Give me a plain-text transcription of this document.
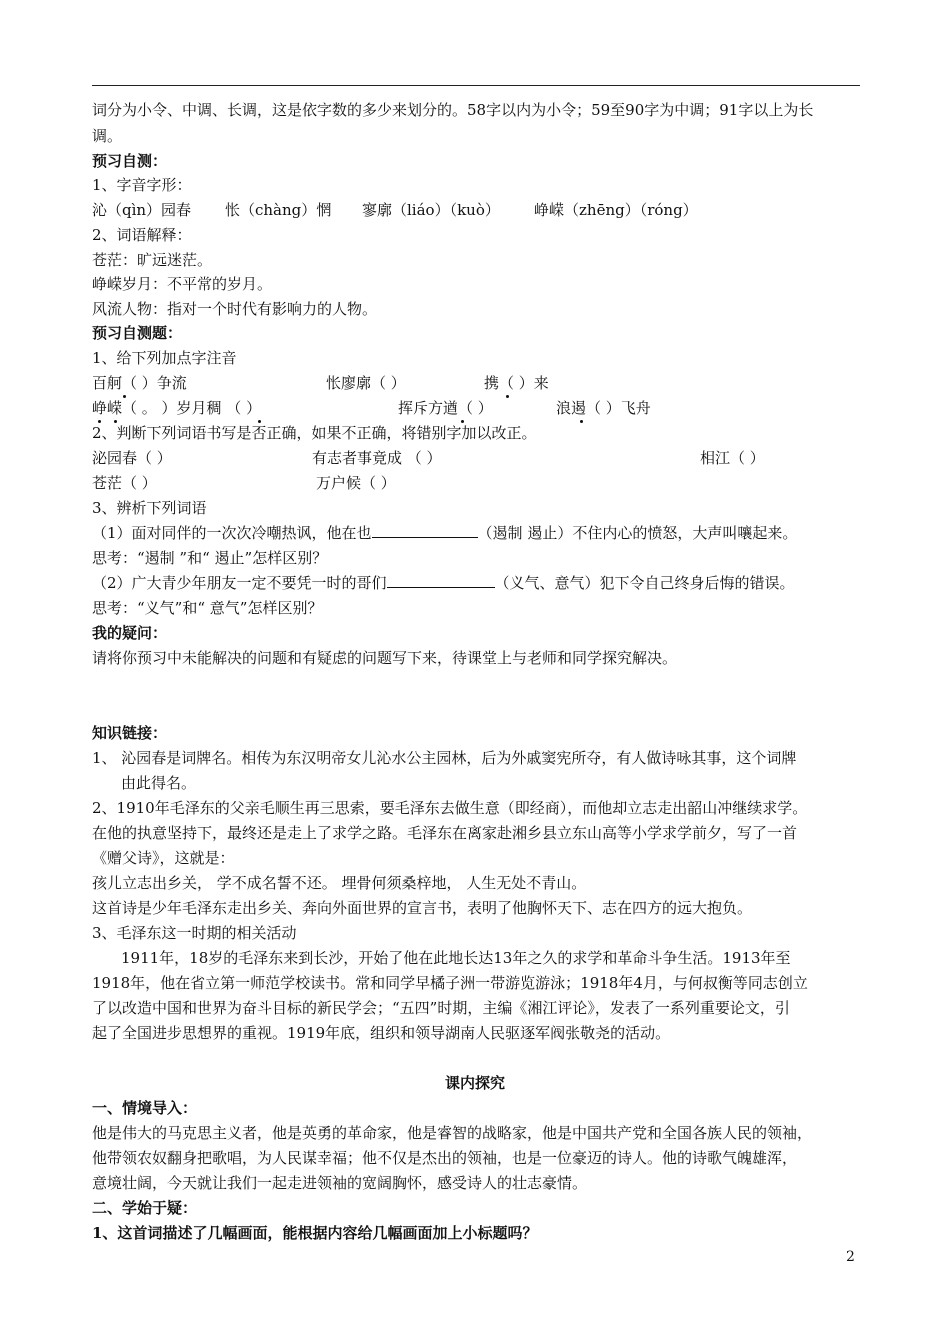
词分为小令、中调、长调，这是依字数的多少来划分的。58字以内为小令；59至90字为中调；91字以上为长
调。
预习自测：
1、字音字形：
沁（qìn）园春 怅（chàng）惘 寥廓（liáo）（kuò） 峥嵘（zhēng）（róng）
2、词语解释：
苍茫：旷远迷茫。
峥嵘岁月：不平常的岁月。
风流人物：指对一个时代有影响力的人物。
预习自测题：
1、给下列加点字注音
百舸（ ）争流	怅廖廓（ ）	携（ ）来
峥嵘（ 。 ）岁月稠 （ ）	挥斥方遒（ ）	浪遏（ ）飞舟
2、判断下列词语书写是否正确，如果不正确，将错别字加以改正。
泌园春（ ）	有志者事竟成 （ ）	相江（ ）
苍茫（ ）	万户候（ ）
3、辨析下列词语
（1）面对同伴的一次次冷嘲热讽，他在也	（遏制 遏止）不住内心的愤怒，大声叫嚷起来。
思考：“遏制 ”和“ 遏止”怎样区别？
（2）广大青少年朋友一定不要凭一时的哥们	（义气、意气）犯下令自己终身后悔的错误。
思考：“义气”和“ 意气”怎样区别？
我的疑问：
请将你预习中未能解决的问题和有疑虑的问题写下来，待课堂上与老师和同学探究解决。
知识链接：
1、 沁园春是词牌名。相传为东汉明帝女儿沁水公主园林，后为外戚窦宪所夺，有人做诗咏其事，这个词牌
由此得名。
2、1910年毛泽东的父亲毛顺生再三思索，要毛泽东去做生意（即经商），而他却立志走出韶山冲继续求学。
在他的执意坚持下，最终还是走上了求学之路。毛泽东在离家赴湘乡县立东山高等小学求学前夕，写了一首
《赠父诗》，这就是：
孩儿立志出乡关， 学不成名誓不还。 埋骨何须桑梓地， 人生无处不青山。
这首诗是少年毛泽东走出乡关、奔向外面世界的宣言书，表明了他胸怀天下、志在四方的远大抱负。
3、毛泽东这一时期的相关活动
1911年，18岁的毛泽东来到长沙，开始了他在此地长达13年之久的求学和革命斗争生活。1913年至
1918年，他在省立第一师范学校读书。常和同学早橘子洲一带游览游泳；1918年4月，与何叔衡等同志创立
了以改造中国和世界为奋斗目标的新民学会；“五四”时期，主编《湘江评论》，发表了一系列重要论文，引
起了全国进步思想界的重视。1919年底，组织和领导湖南人民驱逐军阀张敬尧的活动。
课内探究
一、情境导入：
他是伟大的马克思主义者，他是英勇的革命家，他是睿智的战略家，他是中国共产党和全国各族人民的领袖，
他带领农奴翻身把歌唱，为人民谋幸福；他不仅是杰出的领袖，也是一位豪迈的诗人。他的诗歌气魄雄浑，
意境壮阔，今天就让我们一起走进领袖的宽阔胸怀，感受诗人的壮志豪情。
二、学始于疑：
1、这首词描述了几幅画面，能根据内容给几幅画面加上小标题吗？
2
